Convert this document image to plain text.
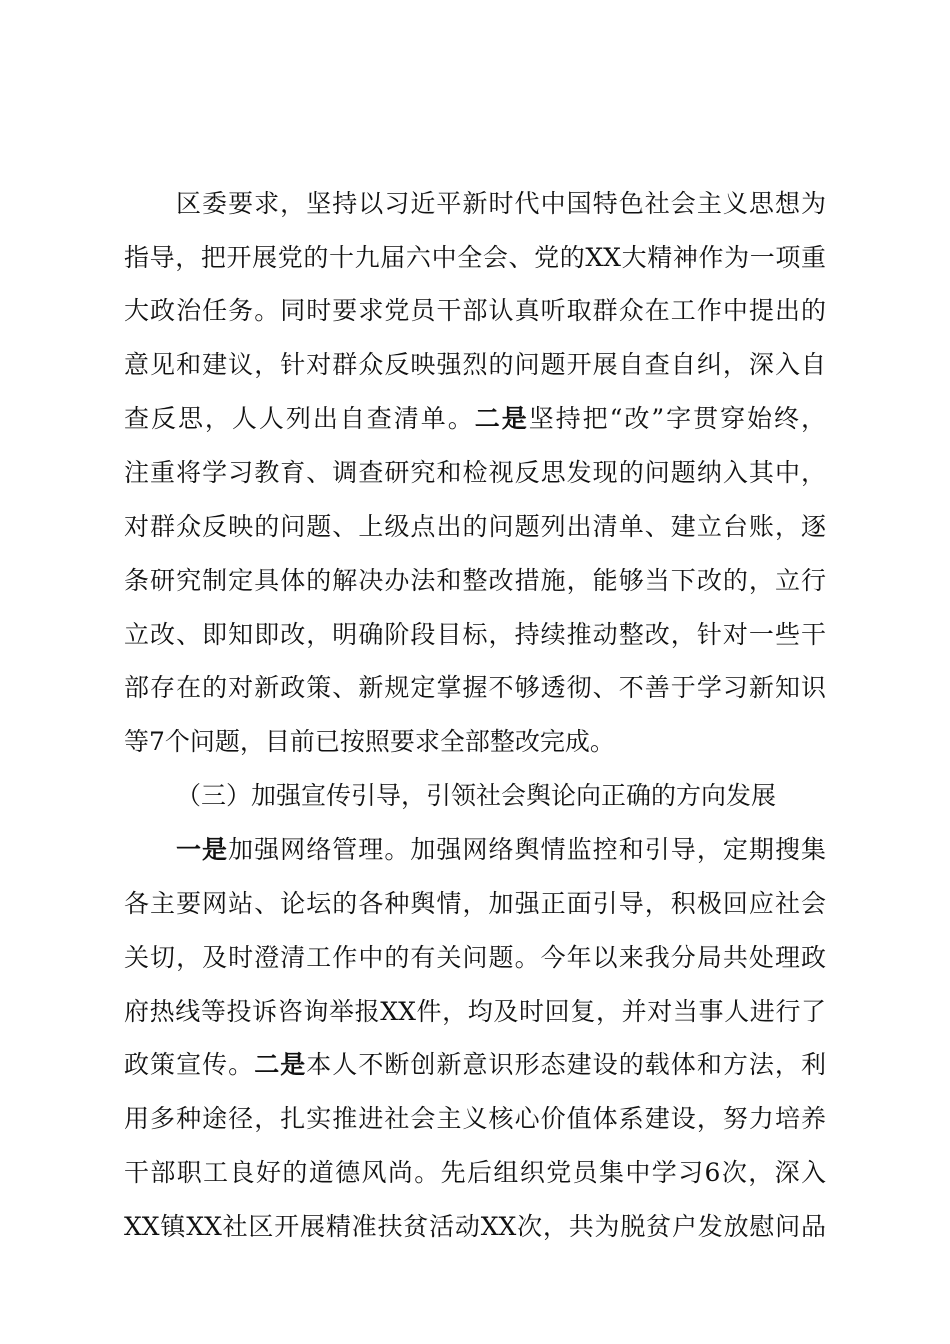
区委要求，坚持以习近平新时代中国特色社会主义思想为
指导，把开展党的十九届六中全会、党的XX大精神作为一项重
大政治任务。同时要求党员干部认真听取群众在工作中提出的
意见和建议，针对群众反映强烈的问题开展自查自纠，深入自
查反思，人人列出自查清单。二是坚持把“改”字贯穿始终，
注重将学习教育、调查研究和检视反思发现的问题纳入其中，
对群众反映的问题、上级点出的问题列出清单、建立台账，逐
条研究制定具体的解决办法和整改措施，能够当下改的，立行
立改、即知即改，明确阶段目标，持续推动整改，针对一些干
部存在的对新政策、新规定掌握不够透彻、不善于学习新知识
等7个问题，目前已按照要求全部整改完成。
（三）加强宣传引导，引领社会舆论向正确的方向发展
一是加强网络管理。加强网络舆情监控和引导，定期搜集
各主要网站、论坛的各种舆情，加强正面引导，积极回应社会
关切，及时澄清工作中的有关问题。今年以来我分局共处理政
府热线等投诉咨询举报XX件，均及时回复，并对当事人进行了
政策宣传。二是本人不断创新意识形态建设的载体和方法，利
用多种途径，扎实推进社会主义核心价值体系建设，努力培养
干部职工良好的道德风尚。先后组织党员集中学习6次，深入
XX镇XX社区开展精准扶贫活动XX次，共为脱贫户发放慰问品
